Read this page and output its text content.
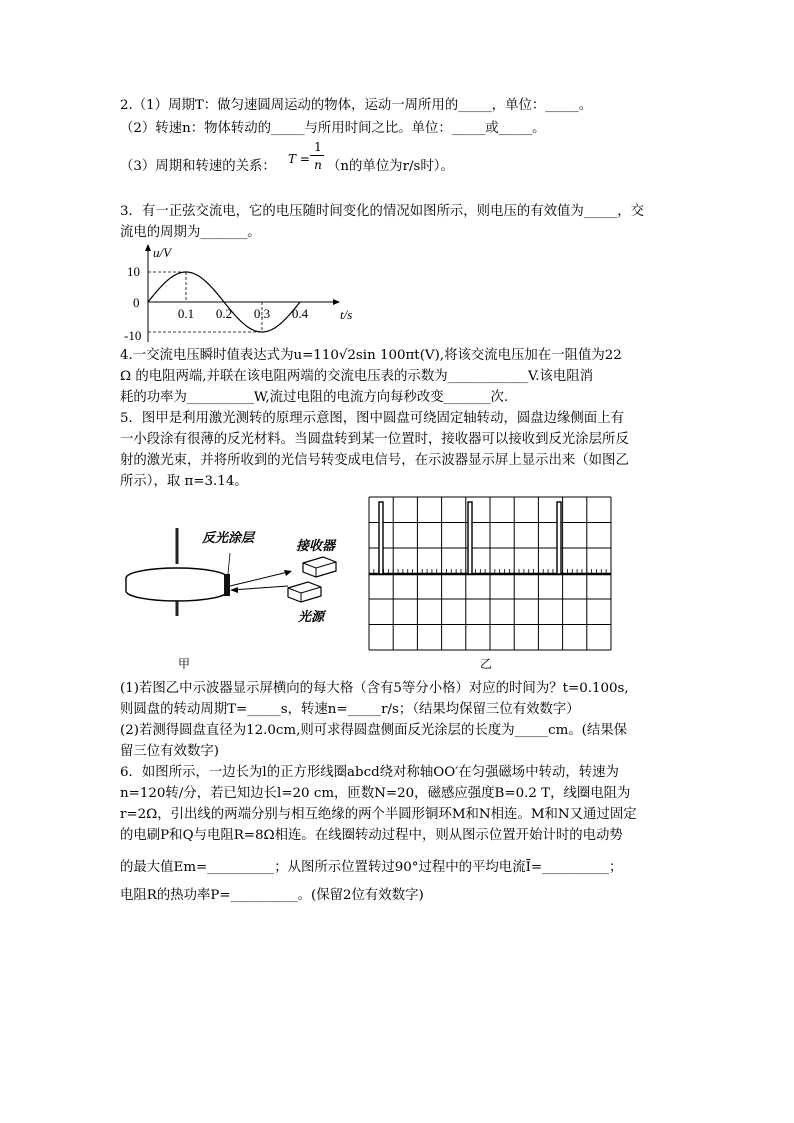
2.（1）周期T：做匀速圆周运动的物体，运动一周所用的_____，单位：_____。
（2）转速n：物体转动的_____与所用时间之比。单位：_____或_____。
（3）周期和转速的关系： T =
1
n （n的单位为r/s时）。
3．有一正弦交流电，它的电压随时间变化的情况如图所示，则电压的有效值为_____，交
流电的周期为_______。
u/V
10
0
-10
0.1 0.2 0.3 0.4 t/s
4.一交流电压瞬时值表达式为u=110√2sin 100πt(V),将该交流电压加在一阻值为22
Ω 的电阻两端,并联在该电阻两端的交流电压表的示数为____________V.该电阻消
耗的功率为__________W,流过电阻的电流方向每秒改变_______次.
5．图甲是利用激光测转的原理示意图，图中圆盘可绕固定轴转动，圆盘边缘侧面上有
一小段涂有很薄的反光材料。当圆盘转到某一位置时，接收器可以接收到反光涂层所反
射的激光束，并将所收到的光信号转变成电信号，在示波器显示屏上显示出来（如图乙
所示），取 π=3.14。
反光涂层
接收器
光源
甲	乙
(1)若图乙中示波器显示屏横向的每大格（含有5等分小格）对应的时间为？t=0.100s,
则圆盘的转动周期T=_____s，转速n=_____r/s；（结果均保留三位有效数字）
(2)若测得圆盘直径为12.0cm,则可求得圆盘侧面反光涂层的长度为_____cm。(结果保
留三位有效数字)
6．如图所示，一边长为l的正方形线圈abcd绕对称轴OO′在匀强磁场中转动，转速为
n=120转/分，若已知边长l=20 cm，匝数N=20，磁感应强度B=0.2 T，线圈电阻为
r=2Ω，引出线的两端分别与相互绝缘的两个半圆形铜环M和N相连。M和N又通过固定
的电刷P和Q与电阻R=8Ω相连。在线圈转动过程中，则从图示位置开始计时的电动势
的最大值Em=__________；从图所示位置转过90°过程中的平均电流Ī=__________；
电阻R的热功率P=__________。(保留2位有效数字)
